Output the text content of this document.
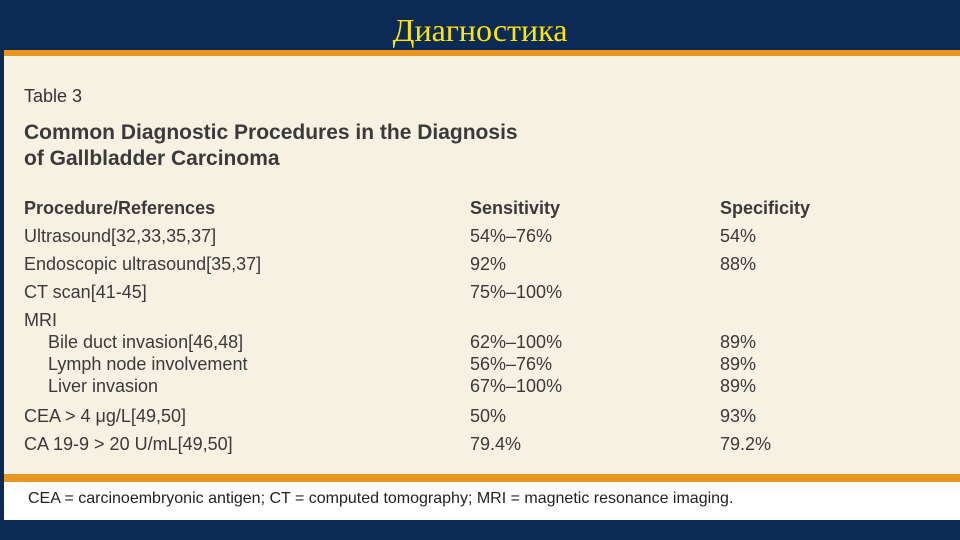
Диагностика
Table 3
Common Diagnostic Procedures in the Diagnosis
of Gallbladder Carcinoma
Procedure/References	Sensitivity	Specificity
Ultrasound[32,33,35,37]	54%–76%	54%
Endoscopic ultrasound[35,37]	92%	88%
CT scan[41-45]	75%–100%
MRI
Bile duct invasion[46,48]	62%–100%	89%
Lymph node involvement	56%–76%	89%
Liver invasion	67%–100%	89%
CEA > 4 μg/L[49,50]	50%	93%
CA 19-9 > 20 U/mL[49,50]	79.4%	79.2%
CEA = carcinoembryonic antigen; CT = computed tomography; MRI = magnetic resonance imaging.
